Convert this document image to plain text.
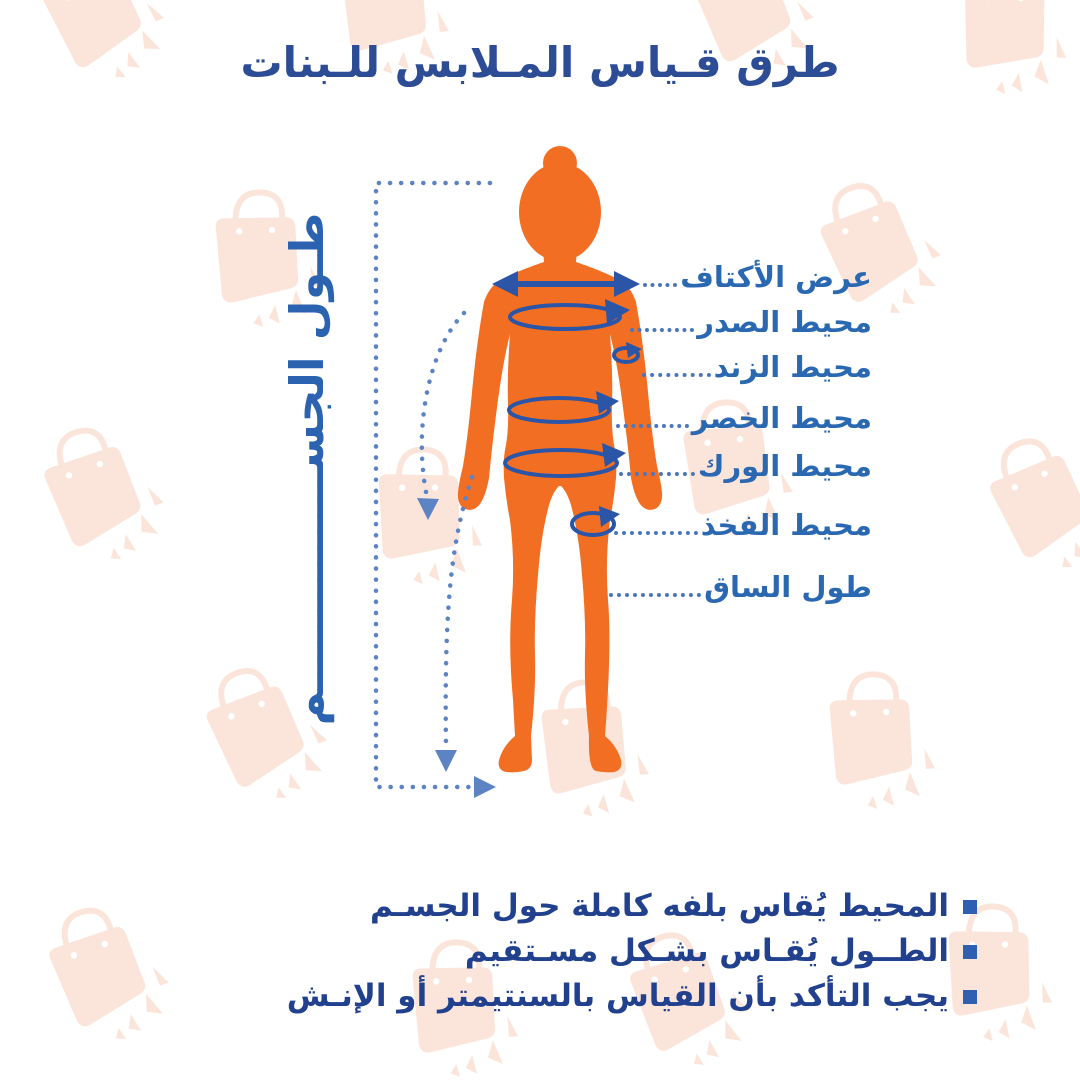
طرق قـياس المـلابس للـبنات
طـول الجســــــــــــــم	عرض الأكتاف
محيط الصدر
محيط الزند
محيط الخصر
محيط الورك
محيط الفخذ
طول الساق
المحيط يُقاس بلفه كاملة حول الجسـم
الطــول يُقـاس بشـكل مسـتقيم
يجب التأكد بأن القياس بالسنتيمتر أو الإنـش
